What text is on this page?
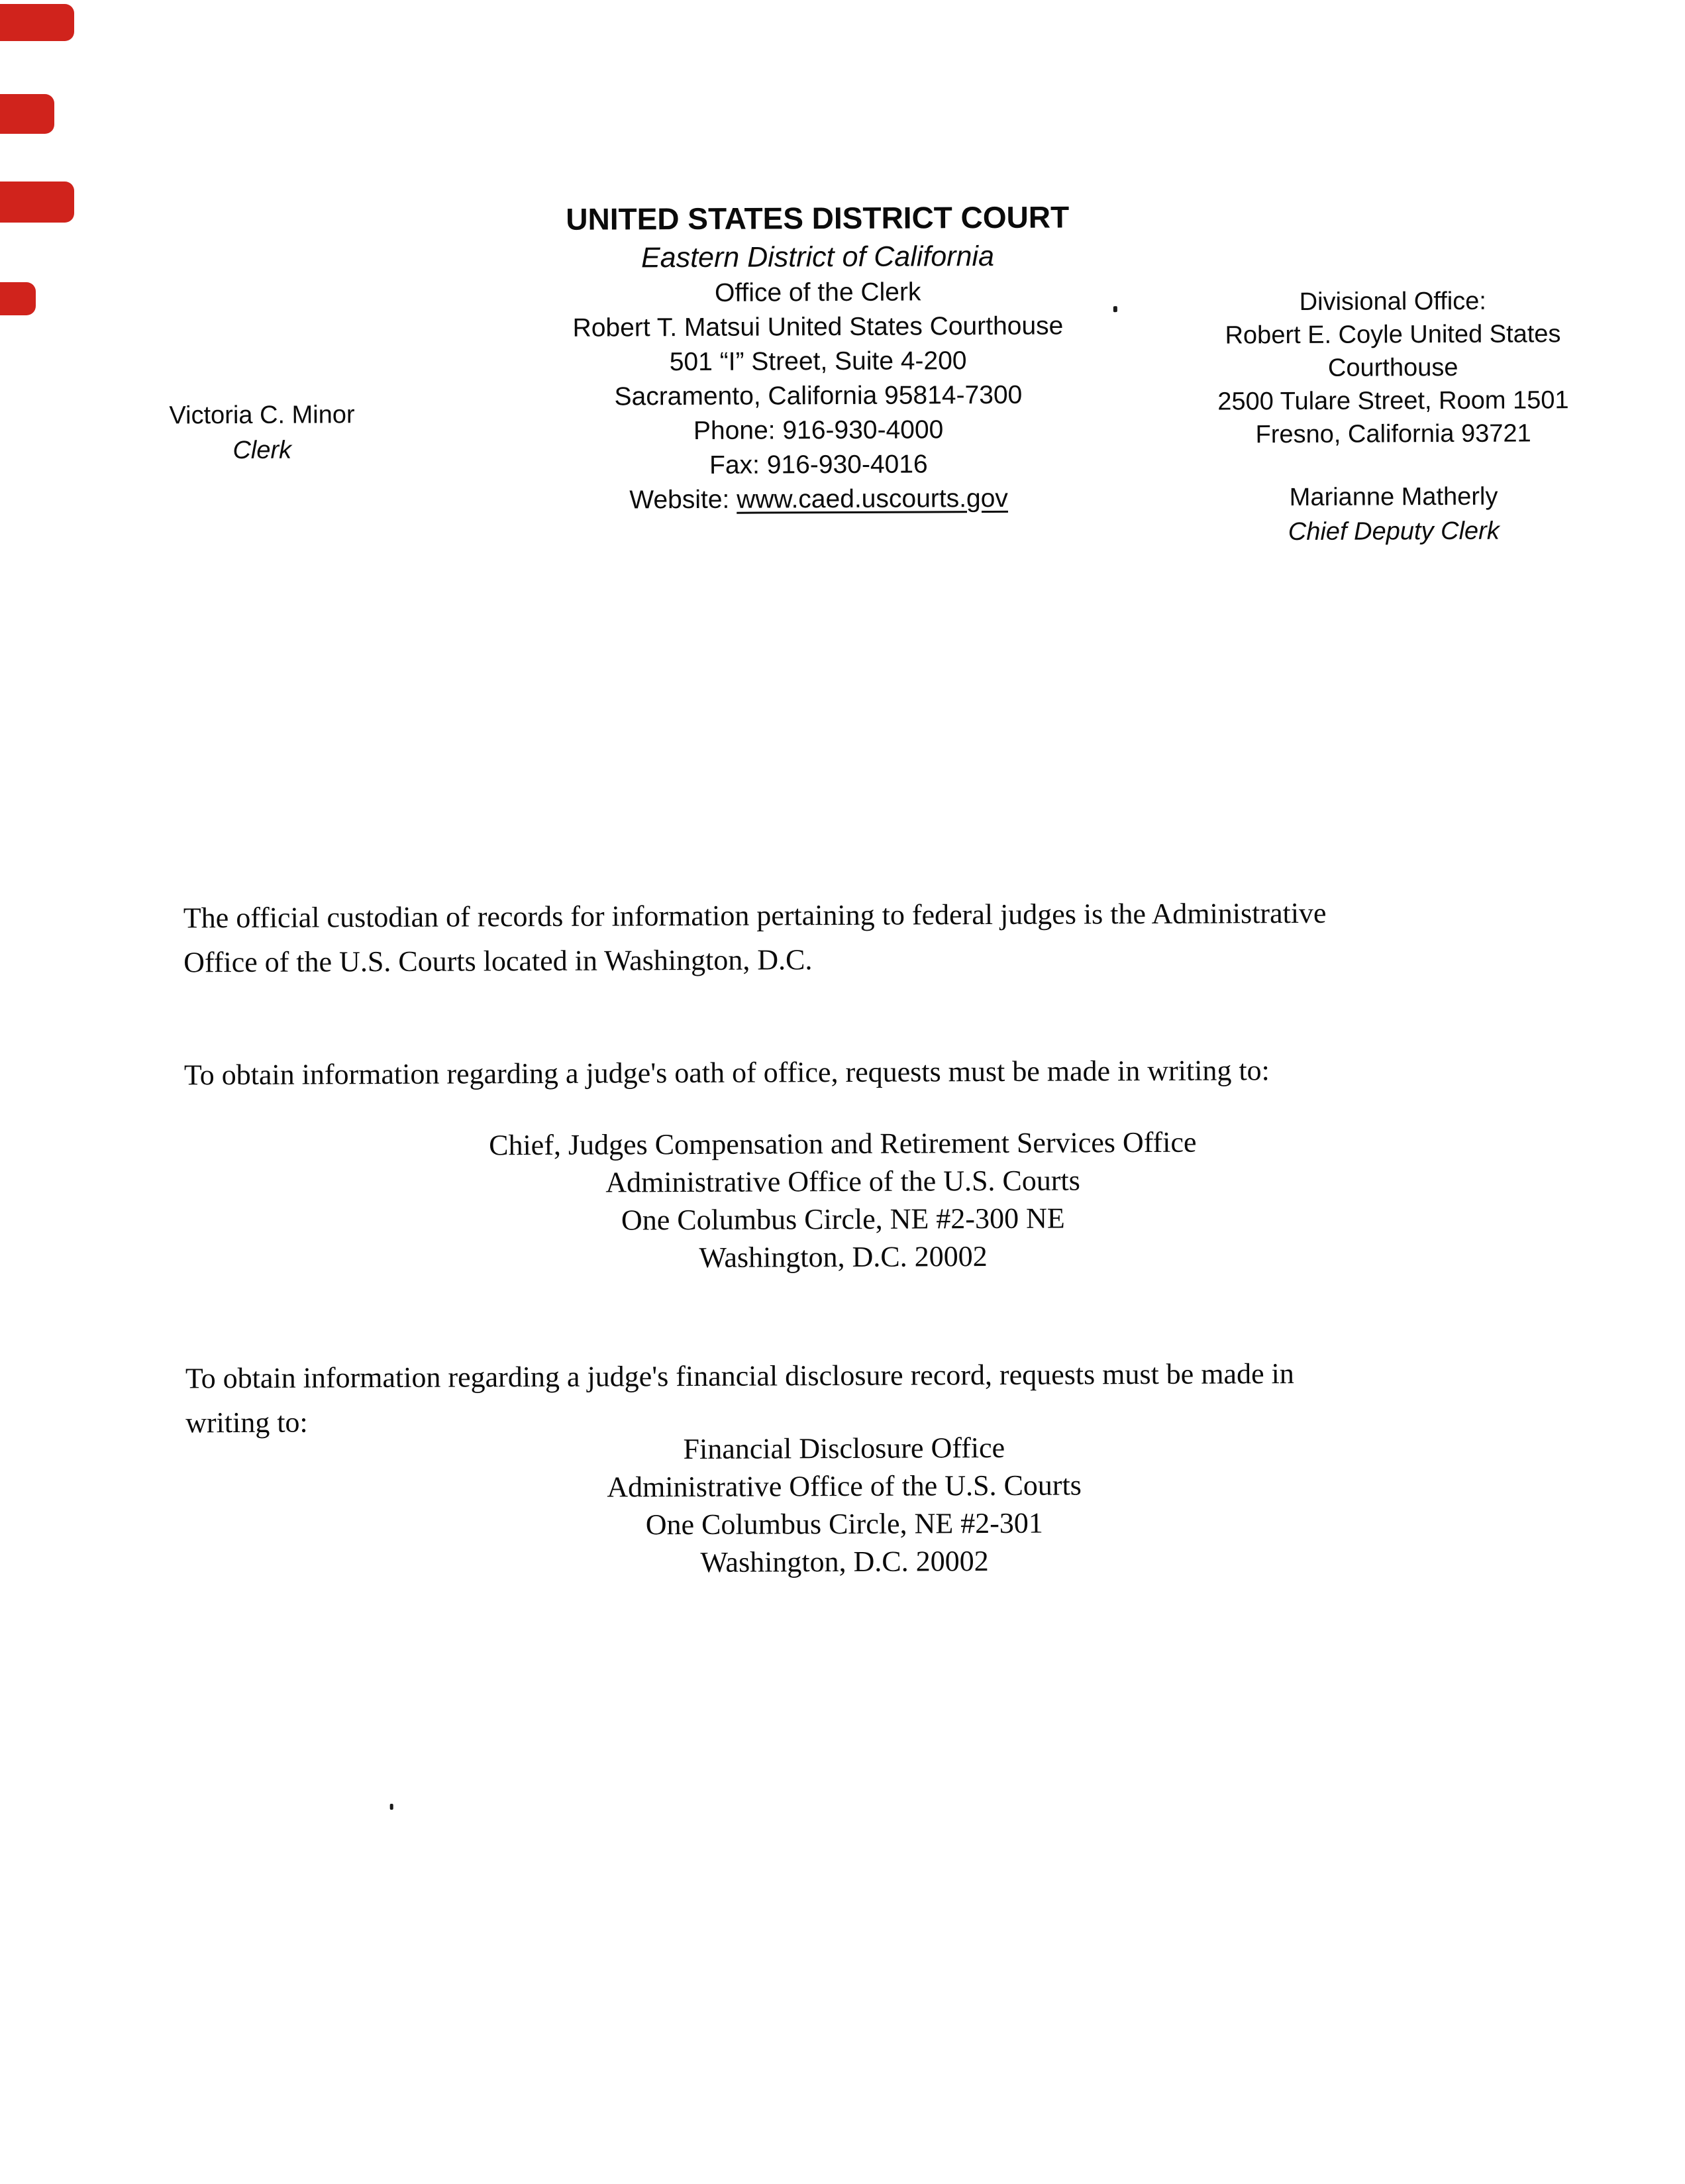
Victoria C. Minor
Clerk
UNITED STATES DISTRICT COURT
Eastern District of California
Office of the Clerk
Robert T. Matsui United States Courthouse
501 “I” Street, Suite 4-200
Sacramento, California 95814-7300
Phone: 916-930-4000
Fax: 916-930-4016
Website: www.caed.uscourts.gov
Divisional Office:
Robert E. Coyle United States
Courthouse
2500 Tulare Street, Room 1501
Fresno, California 93721
Marianne Matherly
Chief Deputy Clerk
The official custodian of records for information pertaining to federal judges is the Administrative
Office of the U.S. Courts located in Washington, D.C.
To obtain information regarding a judge's oath of office, requests must be made in writing to:
Chief, Judges Compensation and Retirement Services Office
Administrative Office of the U.S. Courts
One Columbus Circle, NE #2-300 NE
Washington, D.C. 20002
To obtain information regarding a judge's financial disclosure record, requests must be made in
writing to:
Financial Disclosure Office
Administrative Office of the U.S. Courts
One Columbus Circle, NE #2-301
Washington, D.C. 20002
